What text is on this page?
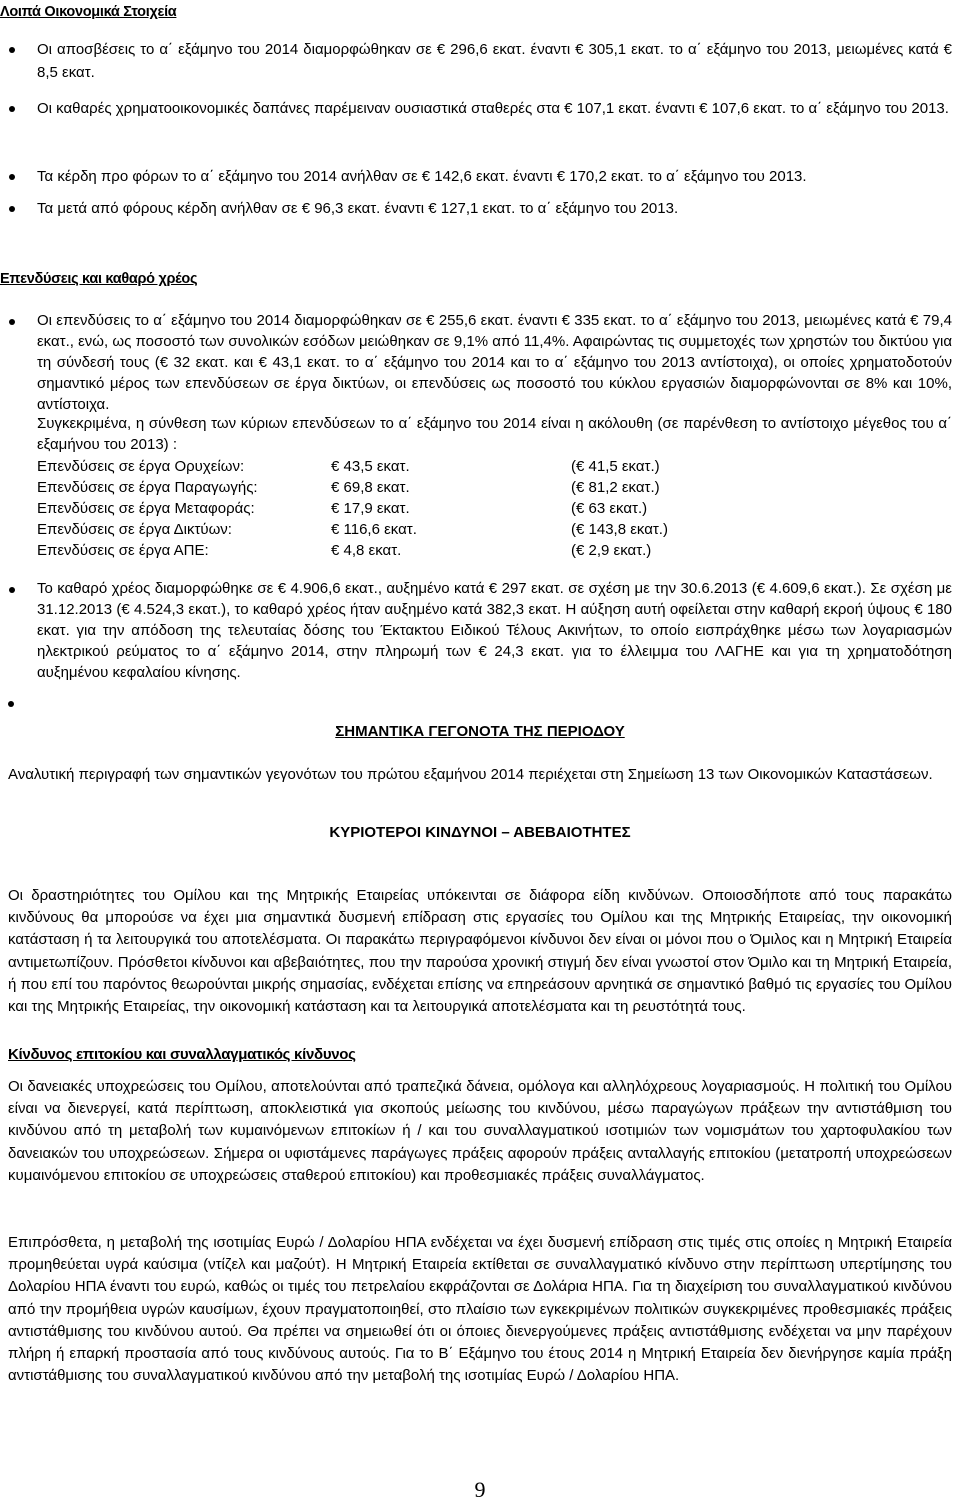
Λοιπά Οικονομικά Στοιχεία
Οι αποσβέσεις το α΄ εξάμηνο του 2014 διαμορφώθηκαν σε € 296,6 εκατ. έναντι € 305,1 εκατ. το α΄ εξάμηνο του 2013, μειωμένες κατά € 8,5 εκατ.
Οι καθαρές χρηματοοικονομικές δαπάνες παρέμειναν ουσιαστικά σταθερές στα € 107,1 εκατ. έναντι € 107,6 εκατ. το α΄ εξάμηνο του 2013.
Τα κέρδη προ φόρων το α΄ εξάμηνο του 2014 ανήλθαν σε € 142,6 εκατ. έναντι € 170,2 εκατ. το α΄ εξάμηνο του 2013.
Τα μετά από φόρους κέρδη ανήλθαν σε € 96,3 εκατ. έναντι € 127,1 εκατ. το α΄ εξάμηνο του 2013.
Επενδύσεις και καθαρό χρέος
Οι επενδύσεις το α΄ εξάμηνο του 2014 διαμορφώθηκαν σε € 255,6 εκατ. έναντι € 335 εκατ. το α΄ εξάμηνο του 2013, μειωμένες κατά € 79,4 εκατ., ενώ, ως ποσοστό των συνολικών εσόδων μειώθηκαν σε 9,1% από 11,4%. Αφαιρώντας τις συμμετοχές των χρηστών του δικτύου για τη σύνδεσή τους (€ 32 εκατ. και € 43,1 εκατ. το α΄ εξάμηνο του 2014 και το α΄ εξάμηνο του 2013 αντίστοιχα), οι οποίες χρηματοδοτούν σημαντικό μέρος των επενδύσεων σε έργα δικτύων, οι επενδύσεις ως ποσοστό του κύκλου εργασιών διαμορφώνονται σε 8% και 10%, αντίστοιχα.
Συγκεκριμένα, η σύνθεση των κύριων επενδύσεων το α΄ εξάμηνο του 2014 είναι η ακόλουθη (σε παρένθεση το αντίστοιχο μέγεθος του α΄ εξαμήνου του 2013) :
Επενδύσεις σε έργα Ορυχείων:	€ 43,5 εκατ.	(€ 41,5 εκατ.)
Επενδύσεις σε έργα Παραγωγής:	€ 69,8 εκατ.	(€ 81,2 εκατ.)
Επενδύσεις σε έργα Μεταφοράς:	€ 17,9 εκατ.	(€ 63 εκατ.)
Επενδύσεις σε έργα Δικτύων:	€ 116,6 εκατ.	(€ 143,8 εκατ.)
Επενδύσεις σε έργα ΑΠΕ:	€ 4,8 εκατ.	(€ 2,9 εκατ.)
Το καθαρό χρέος διαμορφώθηκε σε € 4.906,6 εκατ., αυξημένο κατά € 297 εκατ. σε σχέση με την 30.6.2013 (€ 4.609,6 εκατ.). Σε σχέση με 31.12.2013 (€ 4.524,3 εκατ.), το καθαρό χρέος ήταν αυξημένο κατά 382,3 εκατ. Η αύξηση αυτή οφείλεται στην καθαρή εκροή ύψους € 180 εκατ. για την απόδοση της τελευταίας δόσης του Έκτακτου Ειδικού Τέλους Ακινήτων, το οποίο εισπράχθηκε μέσω των λογαριασμών ηλεκτρικού ρεύματος το α΄ εξάμηνο 2014, στην πληρωμή των € 24,3 εκατ. για το έλλειμμα του ΛΑΓΗΕ και για τη χρηματοδότηση αυξημένου κεφαλαίου κίνησης.
ΣΗΜΑΝΤΙΚΑ ΓΕΓΟΝΟΤΑ ΤΗΣ ΠΕΡΙΟΔΟΥ
Αναλυτική περιγραφή των σημαντικών γεγονότων του πρώτου εξαμήνου 2014 περιέχεται στη Σημείωση 13 των Οικονομικών Καταστάσεων.
ΚΥΡΙΟΤΕΡΟΙ ΚΙΝΔΥΝΟΙ – ΑΒΕΒΑΙΟΤΗΤΕΣ
Οι δραστηριότητες του Ομίλου και της Μητρικής Εταιρείας υπόκεινται σε διάφορα είδη κινδύνων. Οποιοσδήποτε από τους παρακάτω κινδύνους θα μπορούσε να έχει μια σημαντικά δυσμενή επίδραση στις εργασίες του Ομίλου και της Μητρικής Εταιρείας, την οικονομική κατάσταση ή τα λειτουργικά του αποτελέσματα. Οι παρακάτω περιγραφόμενοι κίνδυνοι δεν είναι οι μόνοι που ο Όμιλος και η Μητρική Εταιρεία αντιμετωπίζουν. Πρόσθετοι κίνδυνοι και αβεβαιότητες, που την παρούσα χρονική στιγμή δεν είναι γνωστοί στον Όμιλο και τη Μητρική Εταιρεία, ή που επί του παρόντος θεωρούνται μικρής σημασίας, ενδέχεται επίσης να επηρεάσουν αρνητικά σε σημαντικό βαθμό τις εργασίες του Ομίλου και της Μητρικής Εταιρείας, την οικονομική κατάσταση και τα λειτουργικά αποτελέσματα και τη ρευστότητά τους.
Κίνδυνος επιτοκίου και συναλλαγματικός κίνδυνος
Οι δανειακές υποχρεώσεις του Ομίλου, αποτελούνται από τραπεζικά δάνεια, ομόλογα και αλληλόχρεους λογαριασμούς. Η πολιτική του Ομίλου είναι να διενεργεί, κατά περίπτωση, αποκλειστικά για σκοπούς μείωσης του κινδύνου, μέσω παραγώγων πράξεων την αντιστάθμιση του κινδύνου από τη μεταβολή των κυμαινόμενων επιτοκίων ή / και του συναλλαγματικού ισοτιμιών των νομισμάτων του χαρτοφυλακίου των δανειακών του υποχρεώσεων. Σήμερα οι υφιστάμενες παράγωγες πράξεις αφορούν πράξεις ανταλλαγής επιτοκίου (μετατροπή υποχρεώσεων κυμαινόμενου επιτοκίου σε υποχρεώσεις σταθερού επιτοκίου) και προθεσμιακές πράξεις συναλλάγματος.
Επιπρόσθετα, η μεταβολή της ισοτιμίας Ευρώ / Δολαρίου ΗΠΑ ενδέχεται να έχει δυσμενή επίδραση στις τιμές στις οποίες η Μητρική Εταιρεία προμηθεύεται υγρά καύσιμα (ντίζελ και μαζούτ). Η Μητρική Εταιρεία εκτίθεται σε συναλλαγματικό κίνδυνο στην περίπτωση υπερτίμησης του Δολαρίου ΗΠΑ έναντι του ευρώ, καθώς οι τιμές του πετρελαίου εκφράζονται σε Δολάρια ΗΠΑ. Για τη διαχείριση του συναλλαγματικού κινδύνου από την προμήθεια υγρών καυσίμων, έχουν πραγματοποιηθεί, στο πλαίσιο των εγκεκριμένων πολιτικών συγκεκριμένες προθεσμιακές πράξεις αντιστάθμισης του κινδύνου αυτού. Θα πρέπει να σημειωθεί ότι οι όποιες διενεργούμενες πράξεις αντιστάθμισης ενδέχεται να μην παρέχουν πλήρη ή επαρκή προστασία από τους κινδύνους αυτούς. Για το Β΄ Εξάμηνο του έτους 2014 η Μητρική Εταιρεία δεν διενήργησε καμία πράξη αντιστάθμισης του συναλλαγματικού κινδύνου από την μεταβολή της ισοτιμίας Ευρώ / Δολαρίου ΗΠΑ.
9
